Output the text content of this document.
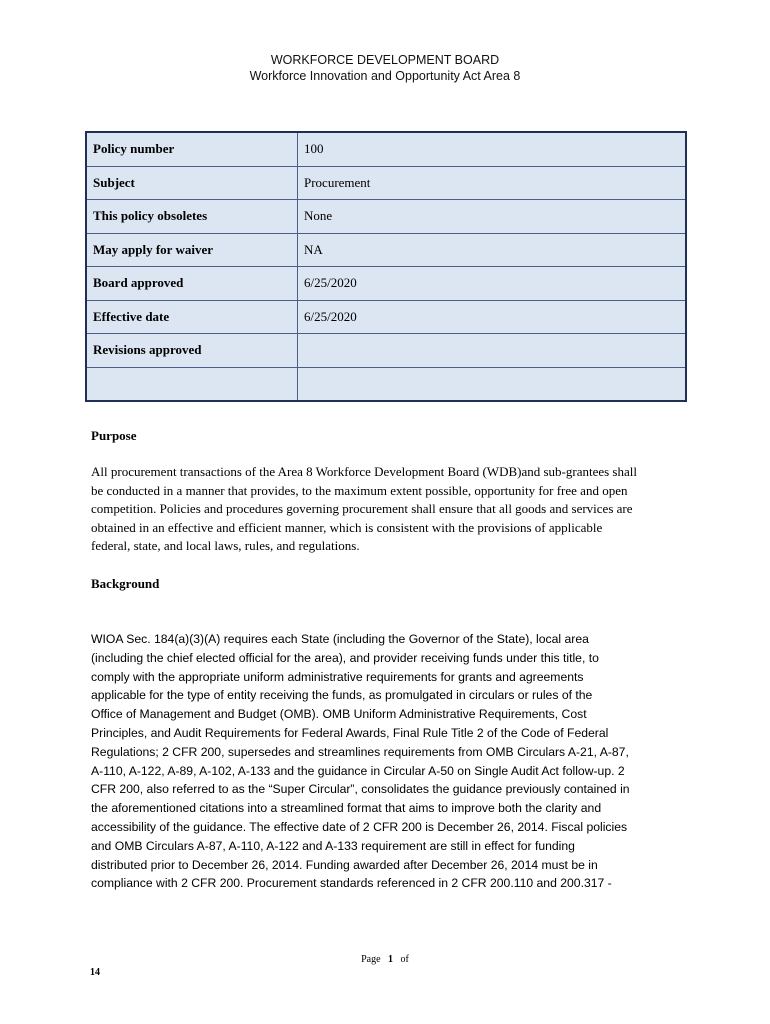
WORKFORCE DEVELOPMENT BOARD
Workforce Innovation and Opportunity Act Area 8
Policy number	100
Subject	Procurement
This policy obsoletes	None
May apply for waiver	NA
Board approved	6/25/2020
Effective date	6/25/2020
Revisions approved	

Purpose
All procurement transactions of the Area 8 Workforce Development Board (WDB)and sub-grantees shall
be conducted in a manner that provides, to the maximum extent possible, opportunity for free and open
competition. Policies and procedures governing procurement shall ensure that all goods and services are
obtained in an effective and efficient manner, which is consistent with the provisions of applicable
federal, state, and local laws, rules, and regulations.
Background
WIOA Sec. 184(a)(3)(A) requires each State (including the Governor of the State), local area
(including the chief elected official for the area), and provider receiving funds under this title, to
comply with the appropriate uniform administrative requirements for grants and agreements
applicable for the type of entity receiving the funds, as promulgated in circulars or rules of the
Office of Management and Budget (OMB). OMB Uniform Administrative Requirements, Cost
Principles, and Audit Requirements for Federal Awards, Final Rule Title 2 of the Code of Federal
Regulations; 2 CFR 200, supersedes and streamlines requirements from OMB Circulars A-21, A-87,
A-110, A-122, A-89, A-102, A-133 and the guidance in Circular A-50 on Single Audit Act follow-up. 2
CFR 200, also referred to as the “Super Circular”, consolidates the guidance previously contained in
the aforementioned citations into a streamlined format that aims to improve both the clarity and
accessibility of the guidance. The effective date of 2 CFR 200 is December 26, 2014. Fiscal policies
and OMB Circulars A-87, A-110, A-122 and A-133 requirement are still in effect for funding
distributed prior to December 26, 2014. Funding awarded after December 26, 2014 must be in
compliance with 2 CFR 200. Procurement standards referenced in 2 CFR 200.110 and 200.317 -
Page 1 of
14
